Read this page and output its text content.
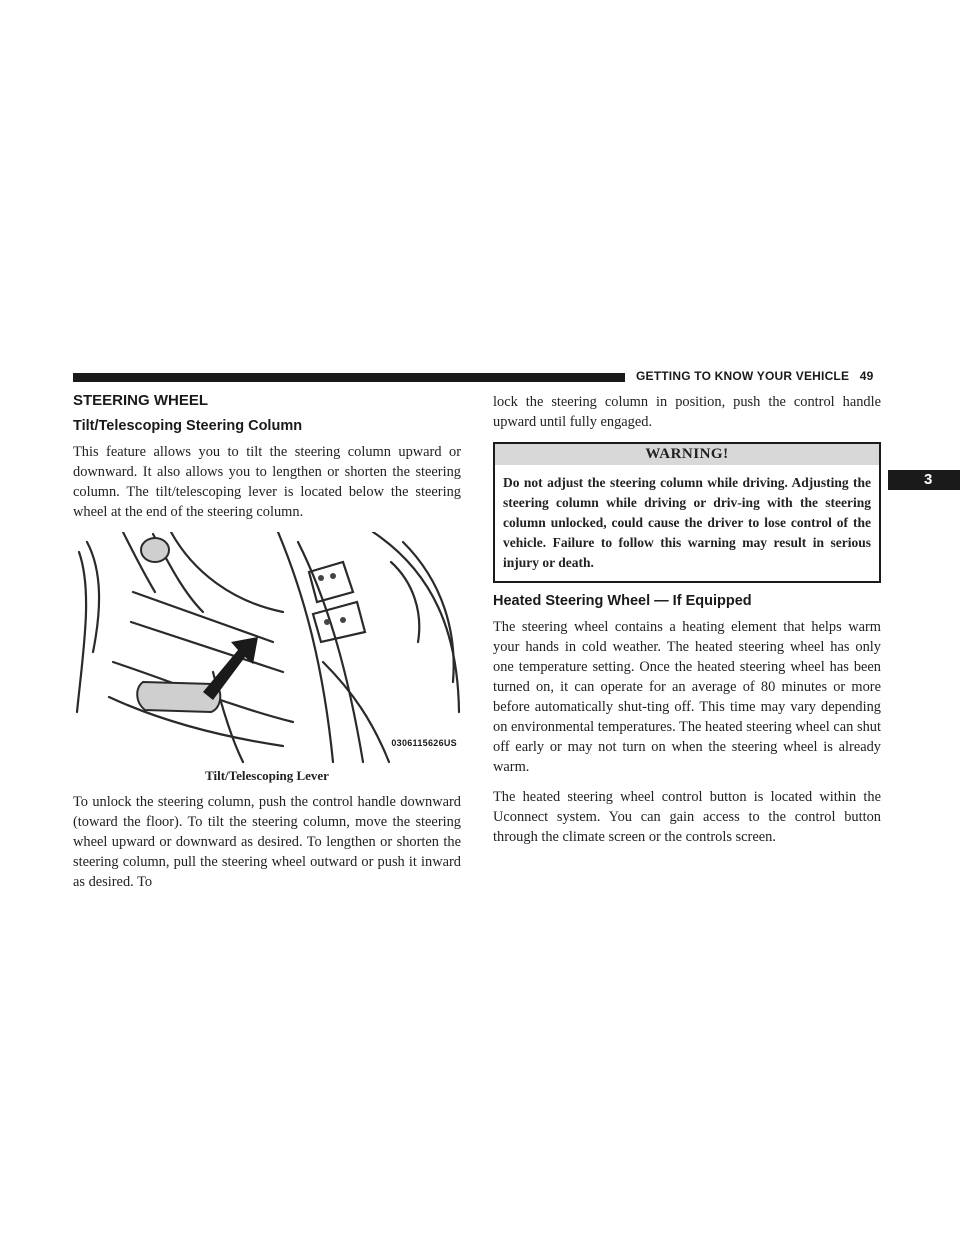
GETTING TO KNOW YOUR VEHICLE 49
3
STEERING WHEEL
Tilt/Telescoping Steering Column

This feature allows you to tilt the steering column upward or downward. It also allows you to lengthen or shorten the steering column. The tilt/telescoping lever is located below the steering wheel at the end of the steering column.

0306115626US
Tilt/Telescoping Lever

To unlock the steering column, push the control handle downward (toward the floor). To tilt the steering column, move the steering wheel upward or downward as desired. To lengthen or shorten the steering column, pull the steering wheel outward or push it inward as desired. To

lock the steering column in position, push the control handle upward until fully engaged.

WARNING!
Do not adjust the steering column while driving. Adjusting the steering column while driving or driv-ing with the steering column unlocked, could cause the driver to lose control of the vehicle. Failure to follow this warning may result in serious injury or death.
Heated Steering Wheel — If Equipped

The steering wheel contains a heating element that helps warm your hands in cold weather. The heated steering wheel has only one temperature setting. Once the heated steering wheel has been turned on, it can operate for an average of 80 minutes or more before automatically shut-ting off. This time may vary depending on environmental temperatures. The heated steering wheel can shut off early or may not turn on when the steering wheel is already warm.

The heated steering wheel control button is located within the Uconnect system. You can gain access to the control button through the climate screen or the controls screen.
